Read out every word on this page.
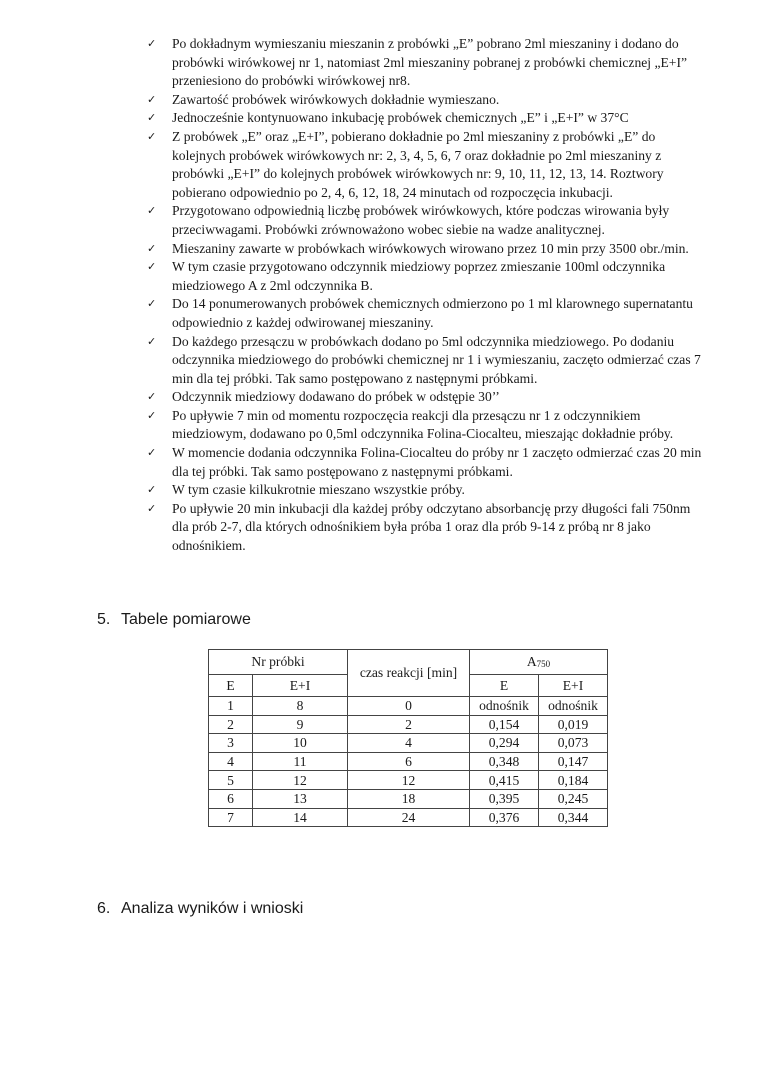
✓ Po dokładnym wymieszaniu mieszanin z probówki „E” pobrano 2ml mieszaniny i dodano do probówki wirówkowej nr 1, natomiast 2ml mieszaniny pobranej z probówki chemicznej „E+I” przeniesiono do probówki wirówkowej nr8.
✓ Zawartość probówek wirówkowych dokładnie wymieszano.
✓ Jednocześnie kontynuowano inkubację probówek chemicznych „E” i „E+I” w 37°C
✓ Z probówek „E” oraz „E+I”, pobierano dokładnie po 2ml mieszaniny z probówki „E” do kolejnych probówek wirówkowych nr: 2, 3, 4, 5, 6, 7 oraz dokładnie po 2ml mieszaniny z probówki „E+I” do kolejnych probówek wirówkowych nr: 9, 10, 11, 12, 13, 14. Roztwory pobierano odpowiednio po 2, 4, 6, 12, 18, 24 minutach od rozpoczęcia inkubacji.
✓ Przygotowano odpowiednią liczbę probówek wirówkowych, które podczas wirowania były przeciwwagami. Probówki zrównoważono wobec siebie na wadze analitycznej.
✓ Mieszaniny zawarte w probówkach wirówkowych wirowano przez 10 min przy 3500 obr./min.
✓ W tym czasie przygotowano odczynnik miedziowy poprzez zmieszanie 100ml odczynnika miedziowego A z 2ml odczynnika B.
✓ Do 14 ponumerowanych probówek chemicznych odmierzono po 1 ml klarownego supernatantu odpowiednio z każdej odwirowanej mieszaniny.
✓ Do każdego przesączu w probówkach dodano po 5ml odczynnika miedziowego. Po dodaniu odczynnika miedziowego do probówki chemicznej nr 1 i wymieszaniu, zaczęto odmierzać czas 7 min dla tej próbki. Tak samo postępowano z następnymi próbkami.
✓ Odczynnik miedziowy dodawano do próbek w odstępie 30’’
✓ Po upływie 7 min od momentu rozpoczęcia reakcji dla przesączu nr 1 z odczynnikiem miedziowym, dodawano po 0,5ml odczynnika Folina-Ciocalteu, mieszając dokładnie próby.
✓ W momencie dodania odczynnika Folina-Ciocalteu do próby nr 1 zaczęto odmierzać czas 20 min dla tej próbki. Tak samo postępowano z następnymi próbkami.
✓ W tym czasie kilkukrotnie mieszano wszystkie próby.
✓ Po upływie 20 min inkubacji dla każdej próby odczytano absorbancję przy długości fali 750nm dla prób 2-7, dla których odnośnikiem była próba 1 oraz dla prób 9-14 z próbą nr 8 jako odnośnikiem.
5. Tabele pomiarowe
Nr próbki		czas reakcji [min]	$A_{750}$
E	E+I		E	E+I
1	8	0	odnośnik	odnośnik
2	9	2	0,154	0,019
3	10	4	0,294	0,073
4	11	6	0,348	0,147
5	12	12	0,415	0,184
6	13	18	0,395	0,245
7	14	24	0,376	0,344
6. Analiza wyników i wnioski
